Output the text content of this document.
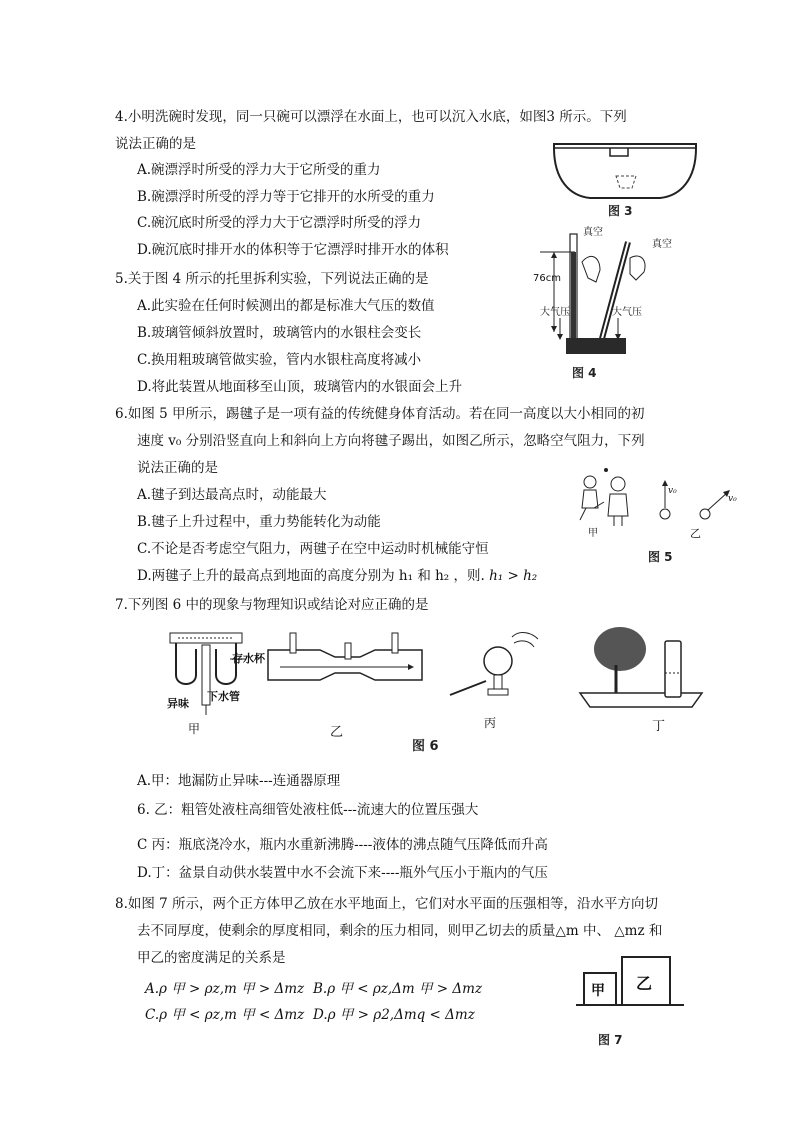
4.小明洗碗时发现，同一只碗可以漂浮在水面上，也可以沉入水底，如图3 所示。下列
说法正确的是
A.碗漂浮时所受的浮力大于它所受的重力
B.碗漂浮时所受的浮力等于它排开的水所受的重力
C.碗沉底时所受的浮力大于它漂浮时所受的浮力
D.碗沉底时排开水的体积等于它漂浮时排开水的体积
图 3
5.关于图 4 所示的托里拆利实验，下列说法正确的是
A.此实验在任何时候测出的都是标准大气压的数值
B.玻璃管倾斜放置时，玻璃管内的水银柱会变长
C.换用粗玻璃管做实验，管内水银柱高度将减小
D.将此装置从地面移至山顶，玻璃管内的水银面会上升
真空
真空
76cm
大气压	大气压
图 4
6.如图 5 甲所示，踢毽子是一项有益的传统健身体育活动。若在同一高度以大小相同的初
速度 v₀ 分别沿竖直向上和斜向上方向将毽子踢出，如图乙所示，忽略空气阻力，下列
说法正确的是
A.毽子到达最高点时，动能最大
B.毽子上升过程中，重力势能转化为动能
C.不论是否考虑空气阻力，两毽子在空中运动时机械能守恒
D.两毽子上升的最高点到地面的高度分别为 h₁ 和 h₂ ，则. h₁ > h₂
甲	乙
v₀
v₀
图 5
7.下列图 6 中的现象与物理知识或结论对应正确的是
存水杯
异味
下水管
甲	乙
丙	丁
图 6
A.甲：地漏防止异味---连通器原理
6. 乙：粗管处液柱高细管处液柱低---流速大的位置压强大
C 丙：瓶底浇冷水，瓶内水重新沸腾----液体的沸点随气压降低而升高
D.丁：盆景自动供水装置中水不会流下来----瓶外气压小于瓶内的气压
8.如图 7 所示，两个正方体甲乙放在水平地面上，它们对水平面的压强相等，沿水平方向切
去不同厚度，使剩余的厚度相同，剩余的压力相同，则甲乙切去的质量△m 中、 △mz 和
甲乙的密度满足的关系是
A.ρ 甲 > ρz,m 甲 > Δmz B.ρ 甲 < ρz,Δm 甲 > Δmz
C.ρ 甲 < ρz,m 甲 < Δmz D.ρ 甲 > ρ2,Δmq < Δmz
甲 乙
图 7
